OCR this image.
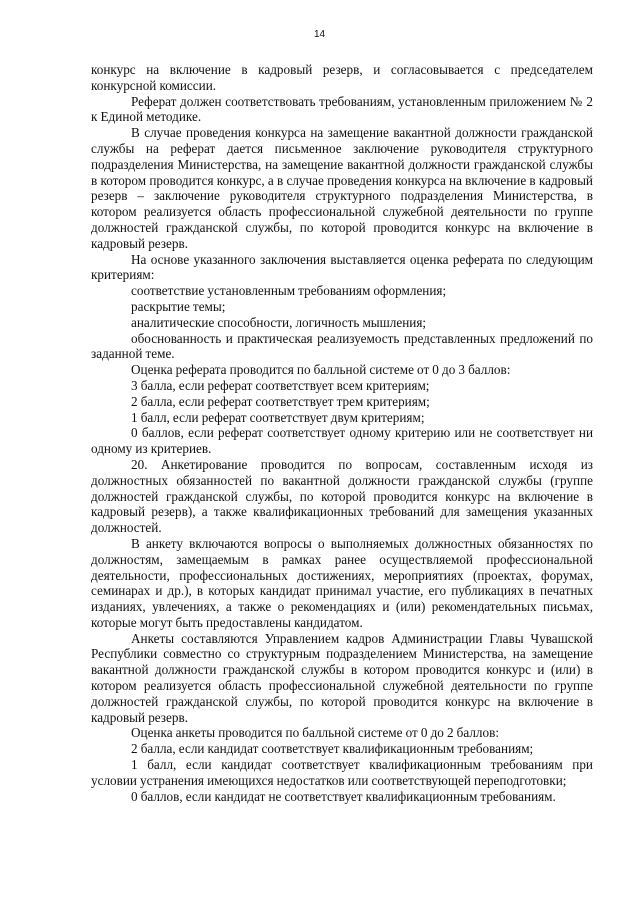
14

конкурс на включение в кадровый резерв, и согласовывается с председателем конкурсной комиссии.

Реферат должен соответствовать требованиям, установленным приложением № 2 к Единой методике.

В случае проведения конкурса на замещение вакантной должности гражданской службы на реферат дается письменное заключение руководителя структурного подразделения Министерства, на замещение вакантной должности гражданской службы в котором проводится конкурс, а в случае проведения конкурса на включение в кадровый резерв – заключение руководителя структурного подразделения Министерства, в котором реализуется область профессиональной служебной деятельности по группе должностей гражданской службы, по которой проводится конкурс на включение в кадровый резерв.

На основе указанного заключения выставляется оценка реферата по следующим критериям:

соответствие установленным требованиям оформления;

раскрытие темы;

аналитические способности, логичность мышления;

обоснованность и практическая реализуемость представленных предложений по заданной теме.

Оценка реферата проводится по балльной системе от 0 до 3 баллов:

3 балла, если реферат соответствует всем критериям;

2 балла, если реферат соответствует трем критериям;

1 балл, если реферат соответствует двум критериям;

0 баллов, если реферат соответствует одному критерию или не соответствует ни одному из критериев.

20. Анкетирование проводится по вопросам, составленным исходя из должностных обязанностей по вакантной должности гражданской службы (группе должностей гражданской службы, по которой проводится конкурс на включение в кадровый резерв), а также квалификационных требований для замещения указанных должностей.

В анкету включаются вопросы о выполняемых должностных обязанностях по должностям, замещаемым в рамках ранее осуществляемой профессиональной деятельности, профессиональных достижениях, мероприятиях (проектах, форумах, семинарах и др.), в которых кандидат принимал участие, его публикациях в печатных изданиях, увлечениях, а также о рекомендациях и (или) рекомендательных письмах, которые могут быть предоставлены кандидатом.

Анкеты составляются Управлением кадров Администрации Главы Чувашской Республики совместно со структурным подразделением Министерства, на замещение вакантной должности гражданской службы в котором проводится конкурс и (или) в котором реализуется область профессиональной служебной деятельности по группе должностей гражданской службы, по которой проводится конкурс на включение в кадровый резерв.

Оценка анкеты проводится по балльной системе от 0 до 2 баллов:

2 балла, если кандидат соответствует квалификационным требованиям;

1 балл, если кандидат соответствует квалификационным требованиям при условии устранения имеющихся недостатков или соответствующей переподготовки;

0 баллов, если кандидат не соответствует квалификационным требованиям.
